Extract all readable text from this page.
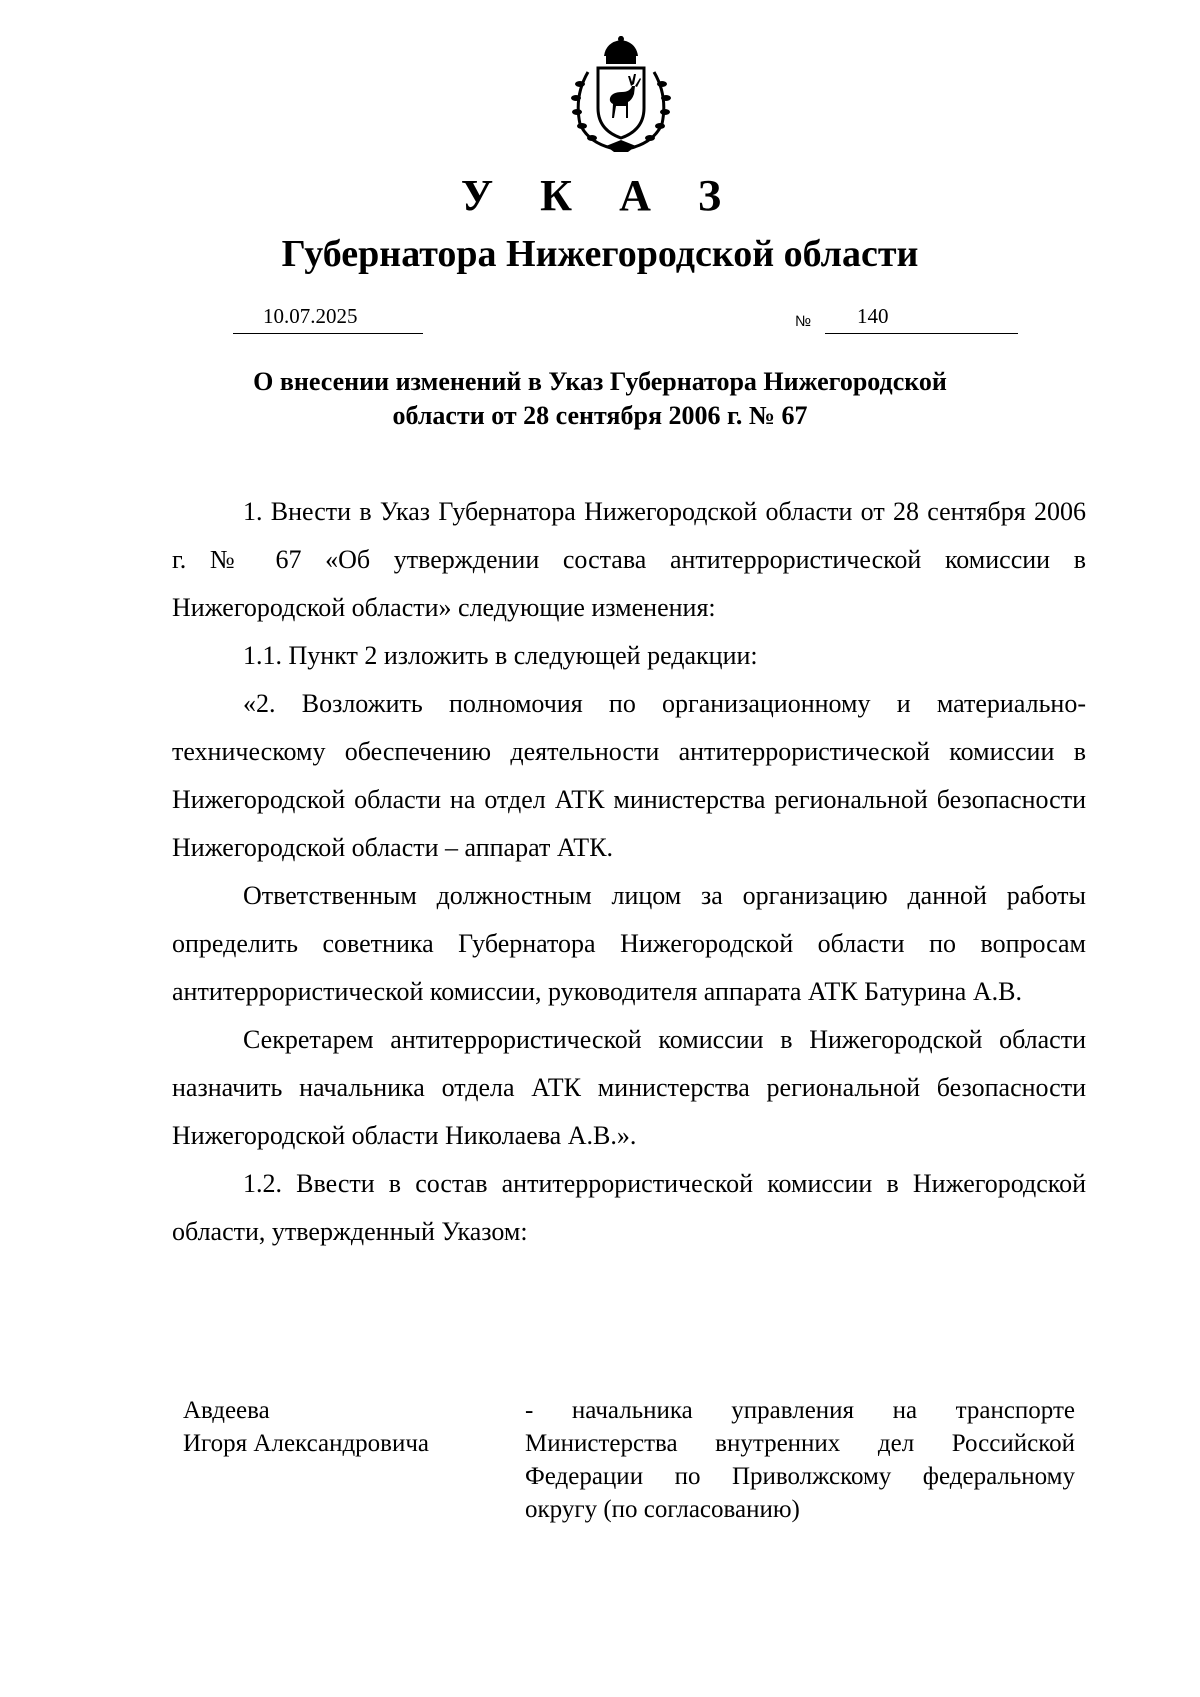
У К А З
Губернатора Нижегородской области
10.07.2025	№ 140
О внесении изменений в Указ Губернатора Нижегородской
области от 28 сентября 2006 г. № 67

1. Внести в Указ Губернатора Нижегородской области от 28 сентября 2006 г. № 67 «Об утверждении состава антитеррористической комиссии в Нижегородской области» следующие изменения:

1.1. Пункт 2 изложить в следующей редакции:

«2. Возложить полномочия по организационному и материально-техническому обеспечению деятельности антитеррористической комиссии в Нижегородской области на отдел АТК министерства региональной безопасности Нижегородской области – аппарат АТК.

Ответственным должностным лицом за организацию данной работы определить советника Губернатора Нижегородской области по вопросам антитеррористической комиссии, руководителя аппарата АТК Батурина А.В.

Секретарем антитеррористической комиссии в Нижегородской области назначить начальника отдела АТК министерства региональной безопасности Нижегородской области Николаева А.В.».

1.2. Ввести в состав антитеррористической комиссии в Нижегородской области, утвержденный Указом:

Авдеева
Игоря Александровича
- начальника управления на транспорте
Министерства внутренних дел Российской
Федерации по Приволжскому федеральному
округу (по согласованию)
